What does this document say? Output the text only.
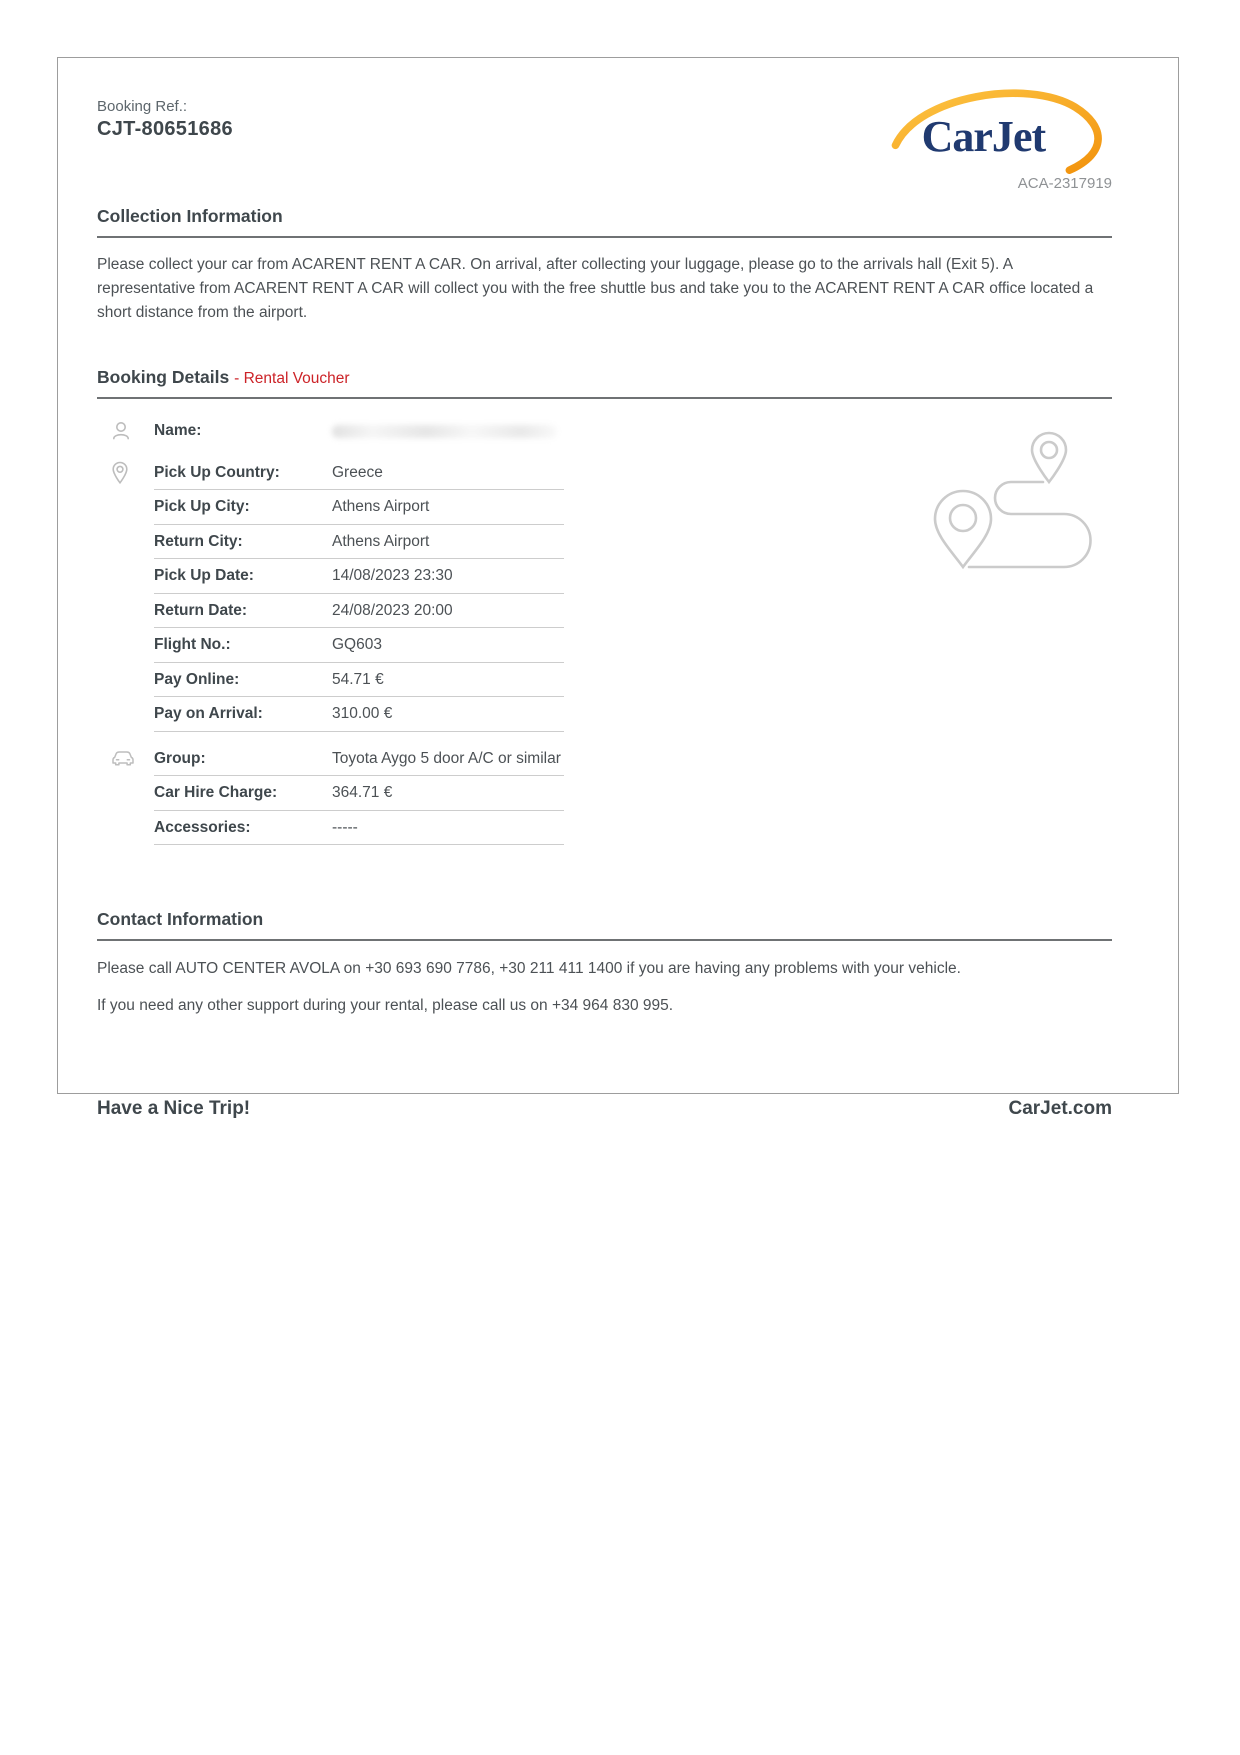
Booking Ref.:
CJT-80651686	CarJet
ACA-2317919
Collection Information

Please collect your car from ACARENT RENT A CAR. On arrival, after collecting your luggage, please go to the arrivals hall (Exit 5). A representative from ACARENT RENT A CAR will collect you with the free shuttle bus and take you to the ACARENT RENT A CAR office located a short distance from the airport.

Booking Details - Rental Voucher
Name:
Pick Up Country:	Greece
Pick Up City:	Athens Airport
Return City:	Athens Airport
Pick Up Date:	14/08/2023 23:30
Return Date:	24/08/2023 20:00
Flight No.:	GQ603
Pay Online:	54.71 €
Pay on Arrival:	310.00 €
Group:	Toyota Aygo 5 door A/C or similar
Car Hire Charge:	364.71 €
Accessories:	-----
Contact Information

Please call AUTO CENTER AVOLA on +30 693 690 7786, +30 211 411 1400 if you are having any problems with your vehicle.

If you need any other support during your rental, please call us on +34 964 830 995.

Have a Nice Trip!	CarJet.com
